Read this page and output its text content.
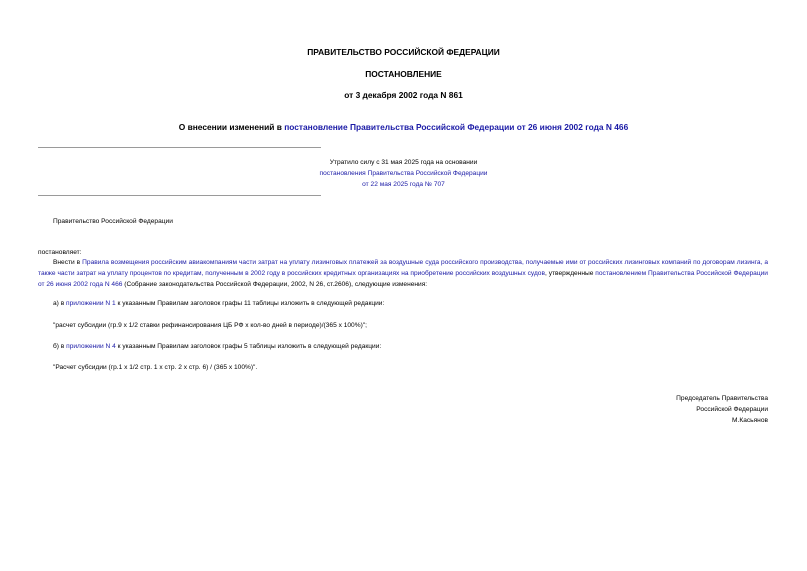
ПРАВИТЕЛЬСТВО РОССИЙСКОЙ ФЕДЕРАЦИИ
ПОСТАНОВЛЕНИЕ
от 3 декабря 2002 года N 861
О внесении изменений в постановление Правительства Российской Федерации от 26 июня 2002 года N 466
Утратило силу с 31 мая 2025 года на основании
постановления Правительства Российской Федерации
от 22 мая 2025 года № 707
Правительство Российской Федерации
постановляет:
Внести в Правила возмещения российским авиакомпаниям части затрат на уплату лизинговых платежей за воздушные суда российского производства, получаемые ими от российских лизинговых компаний по договорам лизинга, а также части затрат на уплату процентов по кредитам, полученным в 2002 году в российских кредитных организациях на приобретение российских воздушных судов, утвержденные постановлением Правительства Российской Федерации от 26 июня 2002 года N 466 (Собрание законодательства Российской Федерации, 2002, N 26, ст.2606), следующие изменения:
а) в приложении N 1 к указанным Правилам заголовок графы 11 таблицы изложить в следующей редакции:
"расчет субсидии (гр.9 x 1/2 ставки рефинансирования ЦБ РФ x кол-во дней в периоде)/(365 x 100%)";
б) в приложении N 4 к указанным Правилам заголовок графы 5 таблицы изложить в следующей редакции:
"Расчет субсидии (гр.1 x 1/2 стр. 1 x стр. 2 x стр. 6) / (365 x 100%)".
Председатель Правительства
Российской Федерации
М.Касьянов
